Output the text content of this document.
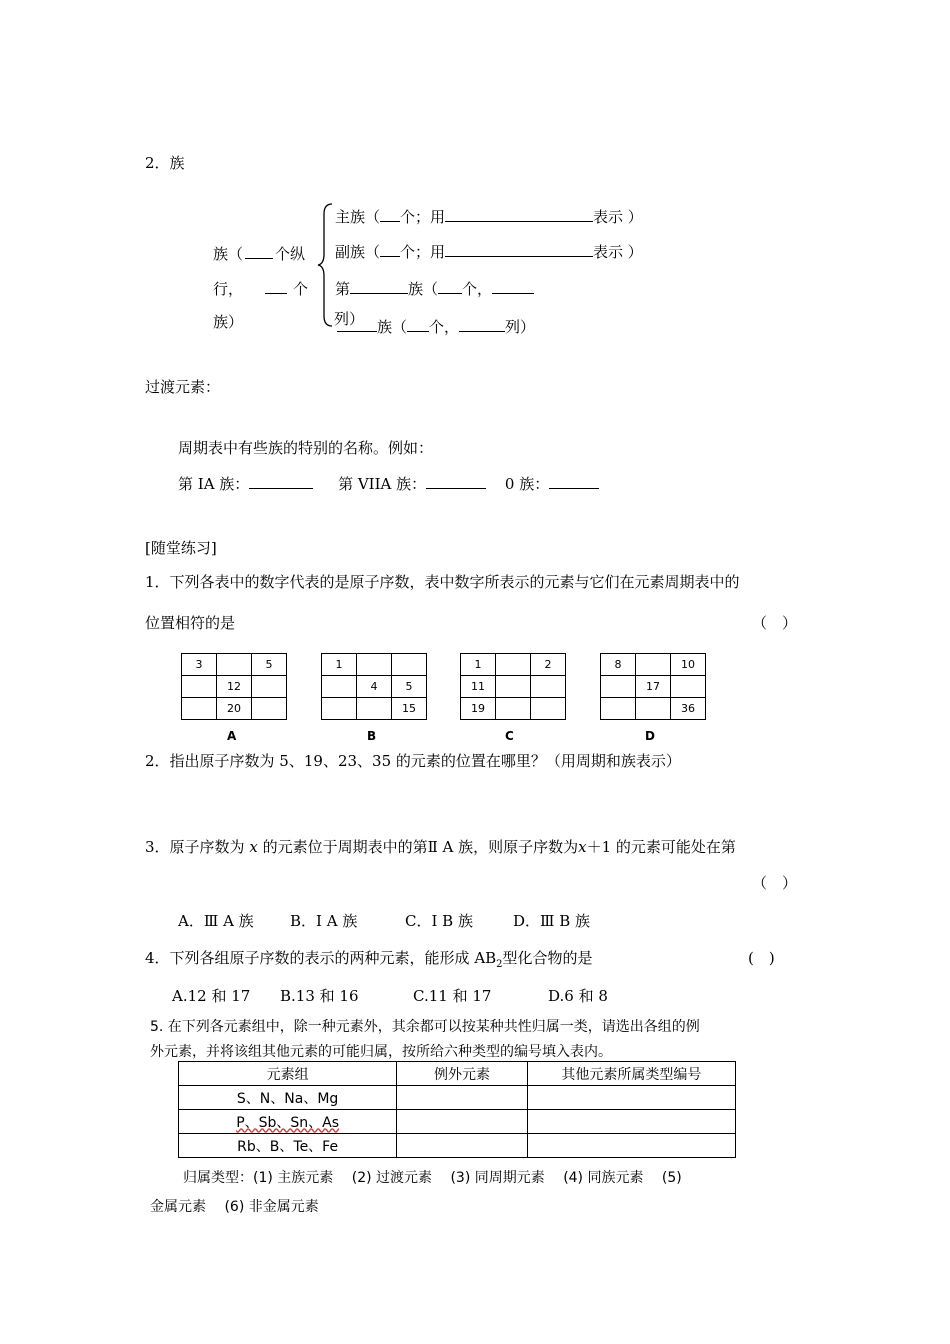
2．族
族（ 个纵
行，	个
族）
主族（ 个；用	表示 ）
副族（ 个；用	表示 ）
第	族（ 个，
列） 族（ 个，	列）
过渡元素：
周期表中有些族的特别的名称。例如：
第 IA 族：	第 VIIA 族：	0 族：
[随堂练习]
1．下列各表中的数字代表的是原子序数，表中数字所表示的元素与它们在元素周期表中的
位置相符的是	（　）
3		5
	12	
	20	
1		
	4	5
		15
1		2
11		
19		
8		10
	17	
		36
A	B	C	D
2．指出原子序数为 5、19、23、35 的元素的位置在哪里？（用周期和族表示）
3．原子序数为 x 的元素位于周期表中的第Ⅱ A 族，则原子序数为x＋1 的元素可能处在第
（　）
A．Ⅲ A 族 B．Ⅰ A 族	C．Ⅰ B 族	D．Ⅲ B 族
4．下列各组原子序数的表示的两种元素，能形成 $AB_2$型化合物的是	(　)
A.12 和 17 B.13 和 16	C.11 和 17	D.6 和 8
5. 在下列各元素组中，除一种元素外，其余都可以按某种共性归属一类，请选出各组的例
外元素，并将该组其他元素的可能归属，按所给六种类型的编号填入表内。
元素组	例外元素	其他元素所属类型编号
S、N、Na、Mg		
P、Sb、Sn、As		
Rb、B、Te、Fe		
归属类型：(1) 主族元素　 (2) 过渡元素　 (3) 同周期元素　 (4) 同族元素　 (5)
金属元素　 (6) 非金属元素
